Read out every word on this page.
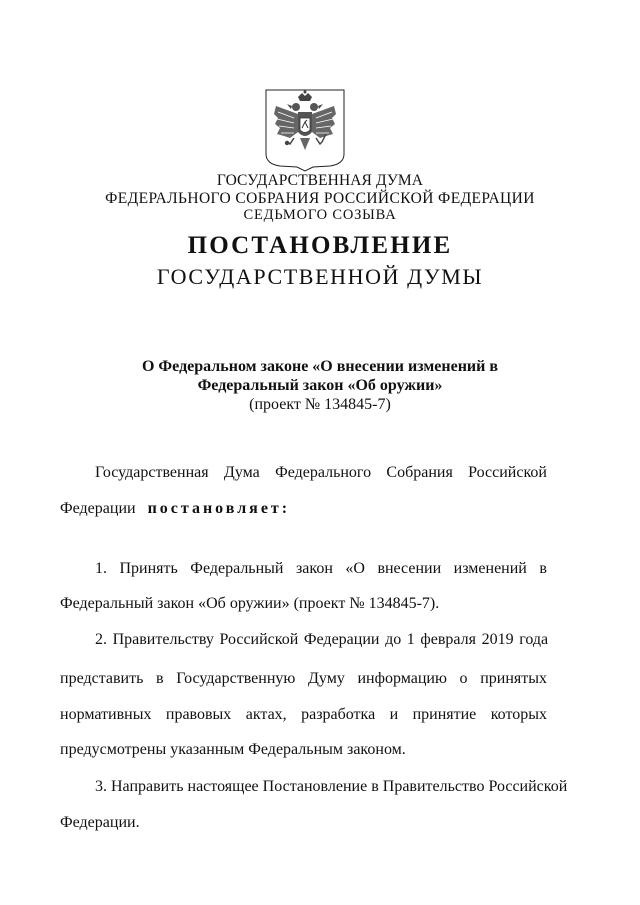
ГОСУДАРСТВЕННАЯ ДУМА
ФЕДЕРАЛЬНОГО СОБРАНИЯ РОССИЙСКОЙ ФЕДЕРАЦИИ
СЕДЬМОГО СОЗЫВА
ПОСТАНОВЛЕНИЕ
ГОСУДАРСТВЕННОЙ ДУМЫ
О Федеральном законе «О внесении изменений в
Федеральный закон «Об оружии»
(проект № 134845-7)
Государственная Дума Федерального Собрания Российской
Федерации постановляет:
1. Принять Федеральный закон «О внесении изменений в
Федеральный закон «Об оружии» (проект № 134845-7).
2. Правительству Российской Федерации до 1 февраля 2019 года
представить в Государственную Думу информацию о принятых
нормативных правовых актах, разработка и принятие которых
предусмотрены указанным Федеральным законом.
3. Направить настоящее Постановление в Правительство Российской
Федерации.
